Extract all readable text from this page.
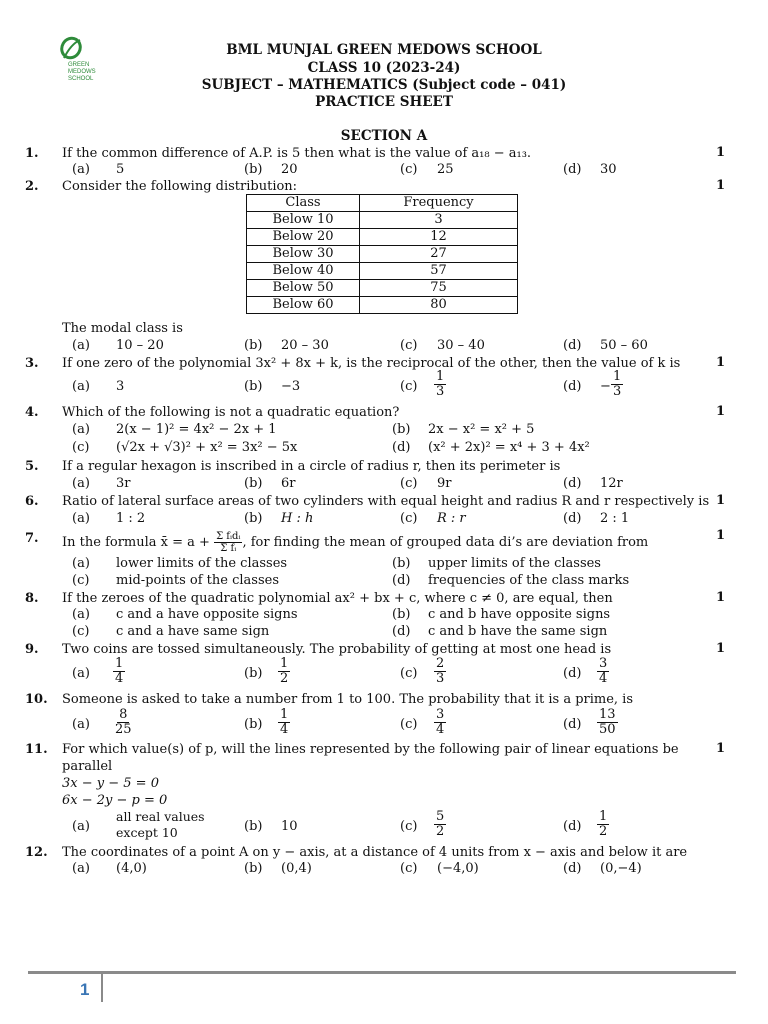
GREEN
MEDOWS
SCHOOL
BML MUNJAL GREEN MEDOWS SCHOOL
CLASS 10 (2023-24)
SUBJECT – MATHEMATICS (Subject code – 041)
PRACTICE SHEET
SECTION A
1. If the common difference of A.P. is 5 then what is the value of a₁₈ − a₁₃.	1
(a) 5	(b) 20	(c) 25	(d) 30
2. Consider the following distribution:	1
Class	Frequency
Below 10	3
Below 20	12
Below 30	27
Below 40	57
Below 50	75
Below 60	80
The modal class is
(a) 10 – 20	(b) 20 – 30	(c) 30 – 40	(d) 50 – 60
3. If one zero of the polynomial 3x² + 8x + k, is the reciprocal of the other, then the value of k is	1
(a) 3	(b) −3	$(c) \frac{1}{3}$	$(d) - \frac{1}{3}$
4. Which of the following is not a quadratic equation?	1
(a) 2(x − 1)² = 4x² − 2x + 1	(b) 2x − x² = x² + 5
(c) (√2x + √3)² + x² = 3x² − 5x	(d) (x² + 2x)² = x⁴ + 3 + 4x²
5. If a regular hexagon is inscribed in a circle of radius r, then its perimeter is
(a) 3r	(b) 6r	(c) 9r	(d) 12r
6. Ratio of lateral surface areas of two cylinders with equal height and radius R and r respectively is 1
(a) 1 : 2	(b) H : h	(c) R : r	(d) 2 : 1
7. In the formula x̄ = $a + \frac{\text{Σ fᵢdᵢ}}{\text{Σ fᵢ}}$ , for finding the mean of grouped data di’s are deviation from	1
(a) lower limits of the classes	(b) upper limits of the classes
(c) mid-points of the classes	(d) frequencies of the class marks
8. If the zeroes of the quadratic polynomial ax² + bx + c, where c ≠ 0, are equal, then	1
(a) c and a have opposite signs	(b) c and b have opposite signs
(c) c and a have same sign	(d) c and b have the same sign
9. Two coins are tossed simultaneously. The probability of getting at most one head is	1
$(a) \frac{1}{4}$	$(b) \frac{1}{2}$	$(c) \frac{2}{3}$	$(d) \frac{3}{4}$
10. Someone is asked to take a number from 1 to 100. The probability that it is a prime, is
$(a) \frac{8}{25}$	$(b) \frac{1}{4}$	$(c) \frac{3}{4}$	$(d) \frac{13}{50}$
11. For which value(s) of p, will the lines represented by the following pair of linear equations be	1
parallel
3x − y − 5 = 0
6x − 2y − p = 0
(a)
all real values
except 10	(b) 10	$(c) \frac{5}{2}$	$(d) \frac{1}{2}$
12. The coordinates of a point A on y − axis, at a distance of 4 units from x − axis and below it are
(a) (4,0)	(b) (0,4)	(c) (−4,0)	(d) (0,−4)
1
